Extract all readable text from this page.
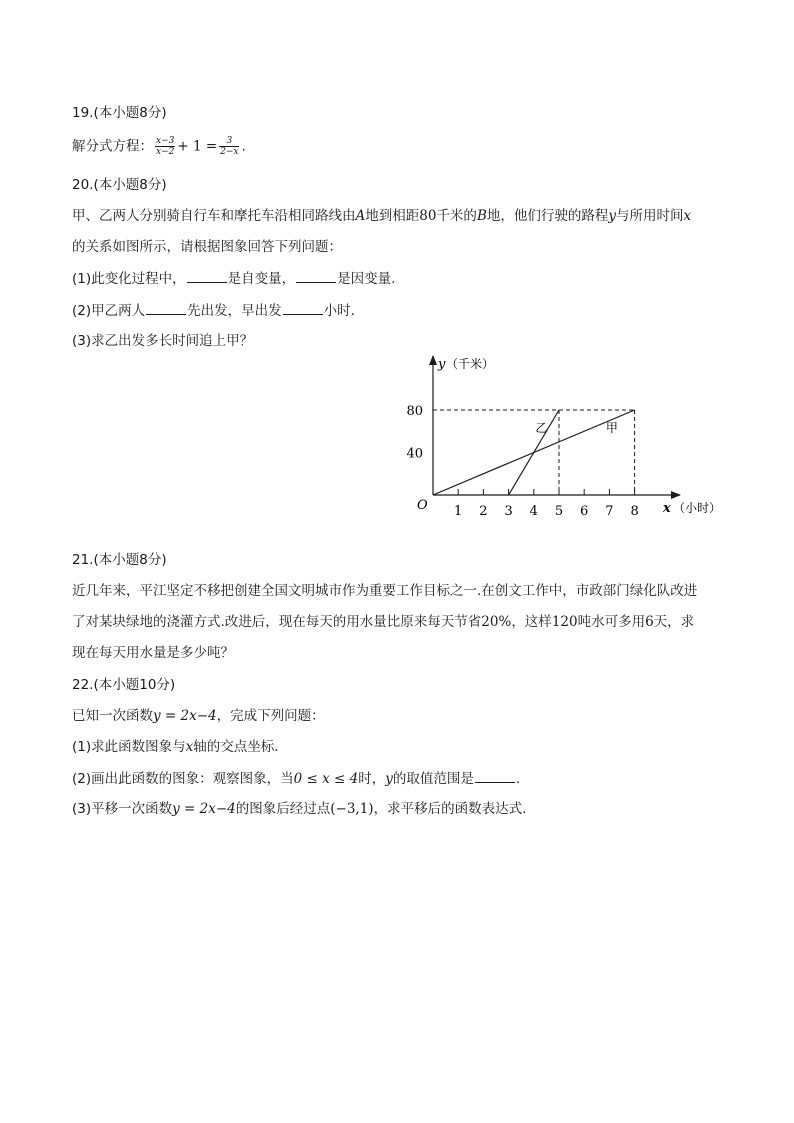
19.(本小题8分)
解分式方程： $\frac{x-3}{x-2} + 1 = \frac{3}{2-x}$ .
20.(本小题8分)
甲、乙两人分别骑自行车和摩托车沿相同路线由A地到相距80千米的B地，他们行驶的路程y与所用时间x
的关系如图所示，请根据图象回答下列问题：
(1)此变化过程中，	是自变量，	是因变量.
(2)甲乙两人	先出发，早出发	小时.
(3)求乙出发多长时间追上甲？
1 2 3 4 5 6 7 8
40
80
甲
乙
y （千米）
x （小时）
O
21.(本小题8分)
近几年来，平江坚定不移把创建全国文明城市作为重要工作目标之一.在创文工作中，市政部门绿化队改进
了对某块绿地的浇灌方式.改进后，现在每天的用水量比原来每天节省20%，这样120吨水可多用6天，求
现在每天用水量是多少吨？
22.(本小题10分)
已知一次函数y = 2x−4，完成下列问题：
(1)求此函数图象与x轴的交点坐标.
(2)画出此函数的图象：观察图象，当0 ≤ x ≤ 4时，y的取值范围是	.
(3)平移一次函数y = 2x−4的图象后经过点(−3,1)，求平移后的函数表达式.
